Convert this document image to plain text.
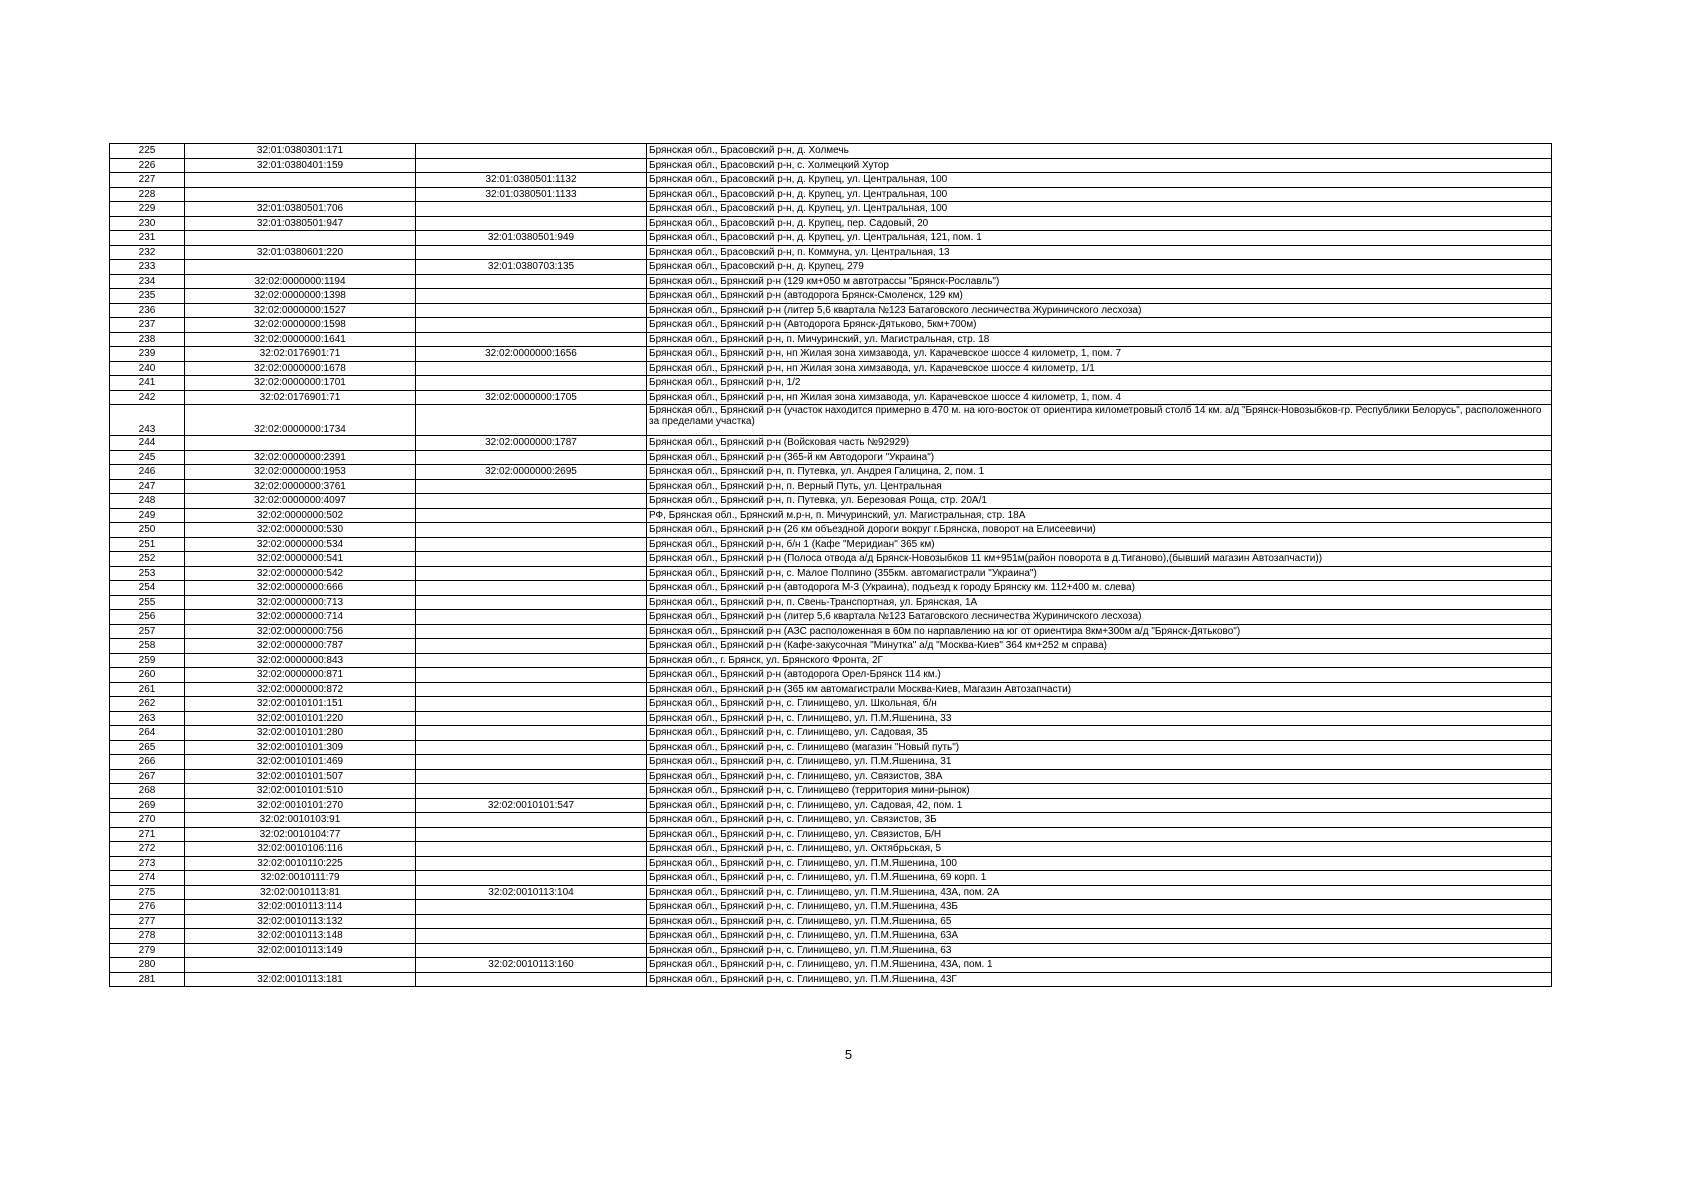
225	32:01:0380301:171		Брянская обл., Брасовский р-н, д. Холмечь
226	32:01:0380401:159		Брянская обл., Брасовский р-н, с. Холмецкий Хутор
227		32:01:0380501:1132	Брянская обл., Брасовский р-н, д. Крупец, ул. Центральная, 100
228		32:01:0380501:1133	Брянская обл., Брасовский р-н, д. Крупец, ул. Центральная, 100
229	32:01:0380501:706		Брянская обл., Брасовский р-н, д. Крупец, ул. Центральная, 100
230	32:01:0380501:947		Брянская обл., Брасовский р-н, д. Крупец, пер. Садовый, 20
231		32:01:0380501:949	Брянская обл., Брасовский р-н, д. Крупец, ул. Центральная, 121, пом. 1
232	32:01:0380601:220		Брянская обл., Брасовский р-н, п. Коммуна, ул. Центральная, 13
233		32:01:0380703:135	Брянская обл., Брасовский р-н, д. Крупец, 279
234	32:02:0000000:1194		Брянская обл., Брянский р-н (129 км+050 м автотрассы "Брянск-Рославль")
235	32:02:0000000:1398		Брянская обл., Брянский р-н (автодорога Брянск-Смоленск, 129 км)
236	32:02:0000000:1527		Брянская обл., Брянский р-н (литер 5,6 квартала №123 Батаговского лесничества Жуpиничского лесхоза)
237	32:02:0000000:1598		Брянская обл., Брянский р-н (Автодорога Брянск-Дятьково, 5км+700м)
238	32:02:0000000:1641		Брянская обл., Брянский р-н, п. Мичуринский, ул. Магистральная, стр. 18
239	32:02:0176901:71	32:02:0000000:1656	Брянская обл., Брянский р-н, нп Жилая зона химзавода, ул. Карачевское шоссе 4 километр, 1, пом. 7
240	32:02:0000000:1678		Брянская обл., Брянский р-н, нп Жилая зона химзавода, ул. Карачевское шоссе 4 километр, 1/1
241	32:02:0000000:1701		Брянская обл., Брянский р-н, 1/2
242	32:02:0176901:71	32:02:0000000:1705	Брянская обл., Брянский р-н, нп Жилая зона химзавода, ул. Карачевское шоссе 4 километр, 1, пом. 4
243	32:02:0000000:1734		Брянская обл., Брянский р-н (участок находится примерно в 470 м. на юго-восток от ориентира километровый столб 14 км. а/д "Брянск-Новозыбков-гр. Республики Белорусь", расположенного за пределами участка)
244		32:02:0000000:1787	Брянская обл., Брянский р-н (Войсковая часть №92929)
245	32:02:0000000:2391		Брянская обл., Брянский р-н (365-й км Автодороги "Украина")
246	32:02:0000000:1953	32:02:0000000:2695	Брянская обл., Брянский р-н, п. Путевка, ул. Андрея Галицина, 2, пом. 1
247	32:02:0000000:3761		Брянская обл., Брянский р-н, п. Верный Путь, ул. Центральная
248	32:02:0000000:4097		Брянская обл., Брянский р-н, п. Путевка, ул. Березовая Роща, стр. 20А/1
249	32:02:0000000:502		РФ, Брянская обл., Брянский м.р-н, п. Мичуринский, ул. Магистральная, стр. 18А
250	32:02:0000000:530		Брянская обл., Брянский р-н (26 км объездной дороги вокруг г.Брянска, поворот на Елисеевичи)
251	32:02:0000000:534		Брянская обл., Брянский р-н, б/н 1 (Кафе "Меридиан" 365 км)
252	32:02:0000000:541		Брянская обл., Брянский р-н (Полоса отвода а/д Брянск-Новозыбков 11 км+951м(район поворота в д.Тиганово),(бывший магазин Автозапчасти))
253	32:02:0000000:542		Брянская обл., Брянский р-н, с. Малое Полпино (355км. автомагистрали "Украина")
254	32:02:0000000:666		Брянская обл., Брянский р-н (автодорога М-3 (Украина), подъезд к городу Брянску км. 112+400 м. слева)
255	32:02:0000000:713		Брянская обл., Брянский р-н, п. Свень-Транспортная, ул. Брянская, 1А
256	32:02:0000000:714		Брянская обл., Брянский р-н (литер 5,6 квартала №123 Батаговского лесничества Жуpиничского лесхоза)
257	32:02:0000000:756		Брянская обл., Брянский р-н (АЗС расположенная в 60м по нарпавлению на юг от ориентира 8км+300м а/д "Брянск-Дятьково")
258	32:02:0000000:787		Брянская обл., Брянский р-н (Кафе-закусочная "Минутка" а/д "Москва-Киев" 364 км+252 м справа)
259	32:02:0000000:843		Брянская обл., г. Брянск, ул. Брянского Фронта, 2Г
260	32:02:0000000:871		Брянская обл., Брянский р-н (автодорога Орел-Брянск 114 км.)
261	32:02:0000000:872		Брянская обл., Брянский р-н (365 км автомагистрали Москва-Киев, Магазин Автозапчасти)
262	32:02:0010101:151		Брянская обл., Брянский р-н, с. Глинищево, ул. Школьная, б/н
263	32:02:0010101:220		Брянская обл., Брянский р-н, с. Глинищево, ул. П.М.Яшенина, 33
264	32:02:0010101:280		Брянская обл., Брянский р-н, с. Глинищево, ул. Садовая, 35
265	32:02:0010101:309		Брянская обл., Брянский р-н, с. Глинищево (магазин "Новый путь")
266	32:02:0010101:469		Брянская обл., Брянский р-н, с. Глинищево, ул. П.М.Яшенина, 31
267	32:02:0010101:507		Брянская обл., Брянский р-н, с. Глинищево, ул. Связистов, 38А
268	32:02:0010101:510		Брянская обл., Брянский р-н, с. Глинищево (территория мини-рынок)
269	32:02:0010101:270	32:02:0010101:547	Брянская обл., Брянский р-н, с. Глинищево, ул. Садовая, 42, пом. 1
270	32:02:0010103:91		Брянская обл., Брянский р-н, с. Глинищево, ул. Связистов, 3Б
271	32:02:0010104:77		Брянская обл., Брянский р-н, с. Глинищево, ул. Связистов, Б/Н
272	32:02:0010106:116		Брянская обл., Брянский р-н, с. Глинищево, ул. Октябрьская, 5
273	32:02:0010110:225		Брянская обл., Брянский р-н, с. Глинищево, ул. П.М.Яшенина, 100
274	32:02:0010111:79		Брянская обл., Брянский р-н, с. Глинищево, ул. П.М.Яшенина, 69 корп. 1
275	32:02:0010113:81	32:02:0010113:104	Брянская обл., Брянский р-н, с. Глинищево, ул. П.М.Яшенина, 43А, пом. 2А
276	32:02:0010113:114		Брянская обл., Брянский р-н, с. Глинищево, ул. П.М.Яшенина, 43Б
277	32:02:0010113:132		Брянская обл., Брянский р-н, с. Глинищево, ул. П.М.Яшенина, 65
278	32:02:0010113:148		Брянская обл., Брянский р-н, с. Глинищево, ул. П.М.Яшенина, 63А
279	32:02:0010113:149		Брянская обл., Брянский р-н, с. Глинищево, ул. П.М.Яшенина, 63
280		32:02:0010113:160	Брянская обл., Брянский р-н, с. Глинищево, ул. П.М.Яшенина, 43А, пом. 1
281	32:02:0010113:181		Брянская обл., Брянский р-н, с. Глинищево, ул. П.М.Яшенина, 43Г
5
